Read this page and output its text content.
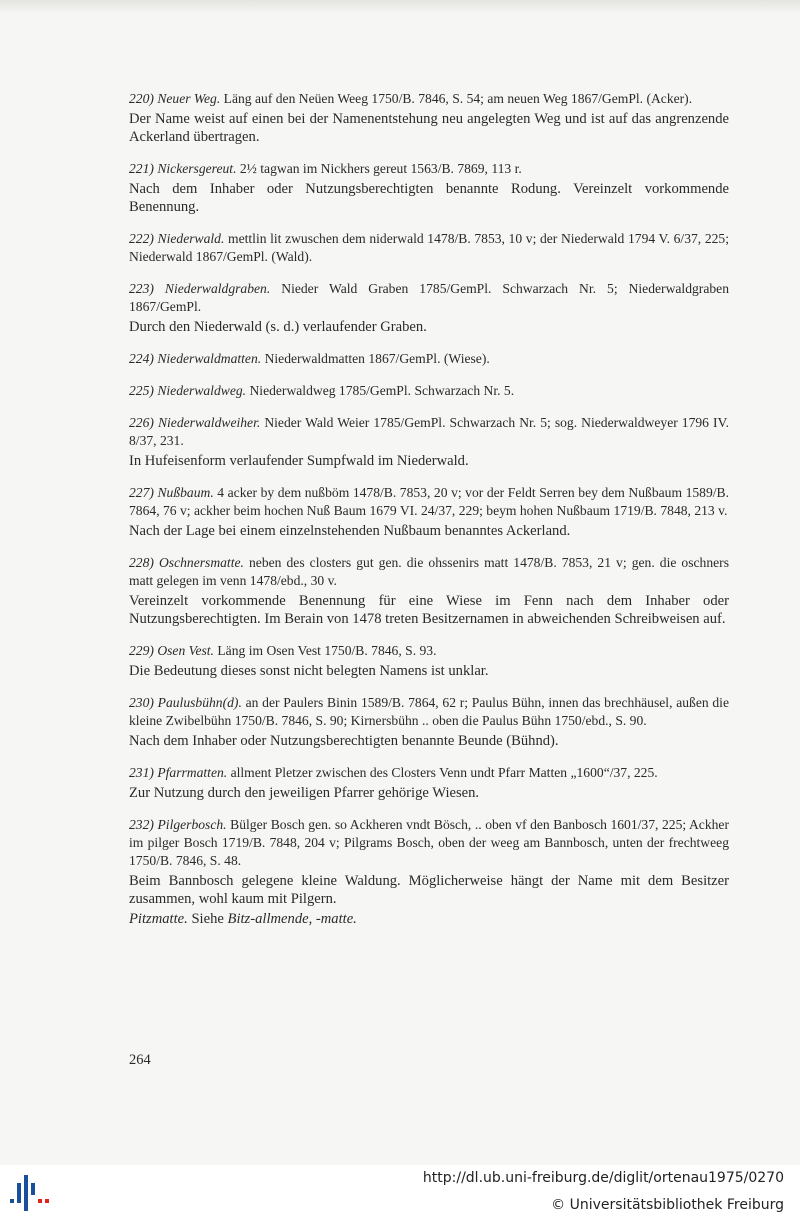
220) Neuer Weg. Läng auf den Neüen Weeg 1750/B. 7846, S. 54; am neuen Weg 1867/GemPl. (Acker).

Der Name weist auf einen bei der Namenentstehung neu angelegten Weg und ist auf das angrenzende Ackerland übertragen.

221) Nickersgereut. 2½ tagwan im Nickhers gereut 1563/B. 7869, 113 r.

Nach dem Inhaber oder Nutzungsberechtigten benannte Rodung. Vereinzelt vorkommende Benennung.

222) Niederwald. mettlin lit zwuschen dem niderwald 1478/B. 7853, 10 v; der Niederwald 1794 V. 6/37, 225; Niederwald 1867/GemPl. (Wald).

223) Niederwaldgraben. Nieder Wald Graben 1785/GemPl. Schwarzach Nr. 5; Niederwaldgraben 1867/GemPl.

Durch den Niederwald (s. d.) verlaufender Graben.

224) Niederwaldmatten. Niederwaldmatten 1867/GemPl. (Wiese).

225) Niederwaldweg. Niederwaldweg 1785/GemPl. Schwarzach Nr. 5.

226) Niederwaldweiher. Nieder Wald Weier 1785/GemPl. Schwarzach Nr. 5; sog. Niederwaldweyer 1796 IV. 8/37, 231.

In Hufeisenform verlaufender Sumpfwald im Niederwald.

227) Nußbaum. 4 acker by dem nußböm 1478/B. 7853, 20 v; vor der Feldt Serren bey dem Nußbaum 1589/B. 7864, 76 v; ackher beim hochen Nuß Baum 1679 VI. 24/37, 229; beym hohen Nußbaum 1719/B. 7848, 213 v.

Nach der Lage bei einem einzelnstehenden Nußbaum benanntes Ackerland.

228) Oschnersmatte. neben des closters gut gen. die ohssenirs matt 1478/B. 7853, 21 v; gen. die oschners matt gelegen im venn 1478/ebd., 30 v.

Vereinzelt vorkommende Benennung für eine Wiese im Fenn nach dem Inhaber oder Nutzungsberechtigten. Im Berain von 1478 treten Besitzernamen in abweichenden Schreibweisen auf.

229) Osen Vest. Läng im Osen Vest 1750/B. 7846, S. 93.

Die Bedeutung dieses sonst nicht belegten Namens ist unklar.

230) Paulusbühn(d). an der Paulers Binin 1589/B. 7864, 62 r; Paulus Bühn, innen das brechhäusel, außen die kleine Zwibelbühn 1750/B. 7846, S. 90; Kirnersbühn .. oben die Paulus Bühn 1750/ebd., S. 90.

Nach dem Inhaber oder Nutzungsberechtigten benannte Beunde (Bühnd).

231) Pfarrmatten. allment Pletzer zwischen des Closters Venn undt Pfarr Matten „1600“/37, 225.

Zur Nutzung durch den jeweiligen Pfarrer gehörige Wiesen.

232) Pilgerbosch. Bülger Bosch gen. so Ackheren vndt Bösch, .. oben vf den Banbosch 1601/37, 225; Ackher im pilger Bosch 1719/B. 7848, 204 v; Pilgrams Bosch, oben der weeg am Bannbosch, unten der frechtweeg 1750/B. 7846, S. 48.

Beim Bannbosch gelegene kleine Waldung. Möglicherweise hängt der Name mit dem Besitzer zusammen, wohl kaum mit Pilgern.

Pitzmatte. Siehe Bitz-allmende, -matte.

264
http://dl.ub.uni-freiburg.de/diglit/ortenau1975/0270
© Universitätsbibliothek Freiburg
